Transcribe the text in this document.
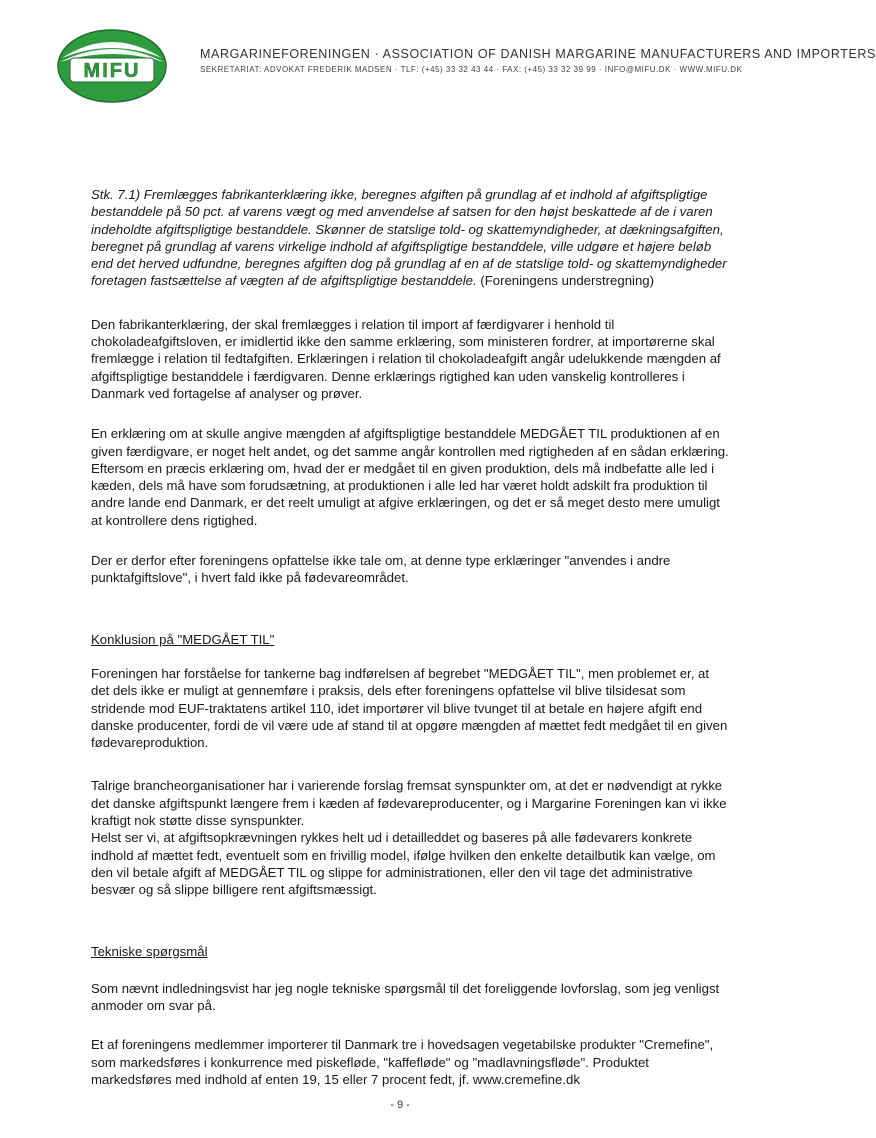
MIFU
MARGARINEFORENINGEN · ASSOCIATION OF DANISH MARGARINE MANUFACTURERS AND IMPORTERS
SEKRETARIAT: ADVOKAT FREDERIK MADSEN · TLF: (+45) 33 32 43 44 · FAX: (+45) 33 32 39 99 · INFO@MIFU.DK · WWW.MIFU.DK

Stk. 7.1) Fremlægges fabrikanterklæring ikke, beregnes afgiften på grundlag af et indhold af afgiftspligtige bestanddele på 50 pct. af varens vægt og med anvendelse af satsen for den højst beskattede af de i varen indeholdte afgiftspligtige bestanddele. Skønner de statslige told- og skattemyndigheder, at dækningsafgiften, beregnet på grundlag af varens virkelige indhold af afgiftspligtige bestanddele, ville udgøre et højere beløb end det herved udfundne, beregnes afgiften dog på grundlag af en af de statslige told- og skattemyndigheder foretagen fastsættelse af vægten af de afgiftspligtige bestanddele. (Foreningens understregning)

Den fabrikanterklæring, der skal fremlægges i relation til import af færdigvarer i henhold til chokoladeafgiftsloven, er imidlertid ikke den samme erklæring, som ministeren fordrer, at importørerne skal fremlægge i relation til fedtafgiften. Erklæringen i relation til chokoladeafgift angår udelukkende mængden af afgiftspligtige bestanddele i færdigvaren. Denne erklærings rigtighed kan uden vanskelig kontrolleres i Danmark ved fortagelse af analyser og prøver.

En erklæring om at skulle angive mængden af afgiftspligtige bestanddele MEDGÅET TIL produktionen af en given færdigvare, er noget helt andet, og det samme angår kontrollen med rigtigheden af en sådan erklæring. Eftersom en præcis erklæring om, hvad der er medgået til en given produktion, dels må indbefatte alle led i kæden, dels må have som forudsætning, at produktionen i alle led har været holdt adskilt fra produktion til andre lande end Danmark, er det reelt umuligt at afgive erklæringen, og det er så meget desto mere umuligt at kontrollere dens rigtighed.

Der er derfor efter foreningens opfattelse ikke tale om, at denne type erklæringer "anvendes i andre punktafgiftslove", i hvert fald ikke på fødevareområdet.

Konklusion på "MEDGÅET TIL"

Foreningen har forståelse for tankerne bag indførelsen af begrebet "MEDGÅET TIL", men problemet er, at det dels ikke er muligt at gennemføre i praksis, dels efter foreningens opfattelse vil blive tilsidesat som stridende mod EUF-traktatens artikel 110, idet importører vil blive tvunget til at betale en højere afgift end danske producenter, fordi de vil være ude af stand til at opgøre mængden af mættet fedt medgået til en given fødevareproduktion.

Talrige brancheorganisationer har i varierende forslag fremsat synspunkter om, at det er nødvendigt at rykke det danske afgiftspunkt længere frem i kæden af fødevareproducenter, og i Margarine Foreningen kan vi ikke kraftigt nok støtte disse synspunkter.

Helst ser vi, at afgiftsopkrævningen rykkes helt ud i detailleddet og baseres på alle fødevarers konkrete indhold af mættet fedt, eventuelt som en frivillig model, ifølge hvilken den enkelte detailbutik kan vælge, om den vil betale afgift af MEDGÅET TIL og slippe for administrationen, eller den vil tage det administrative besvær og så slippe billigere rent afgiftsmæssigt.

Tekniske spørgsmål

Som nævnt indledningsvist har jeg nogle tekniske spørgsmål til det foreliggende lovforslag, som jeg venligst anmoder om svar på.

Et af foreningens medlemmer importerer til Danmark tre i hovedsagen vegetabilske produkter "Cremefine", som markedsføres i konkurrence med piskefløde, "kaffefløde" og "madlavningsfløde". Produktet markedsføres med indhold af enten 19, 15 eller 7 procent fedt, jf. www.cremefine.dk

- 9 -
